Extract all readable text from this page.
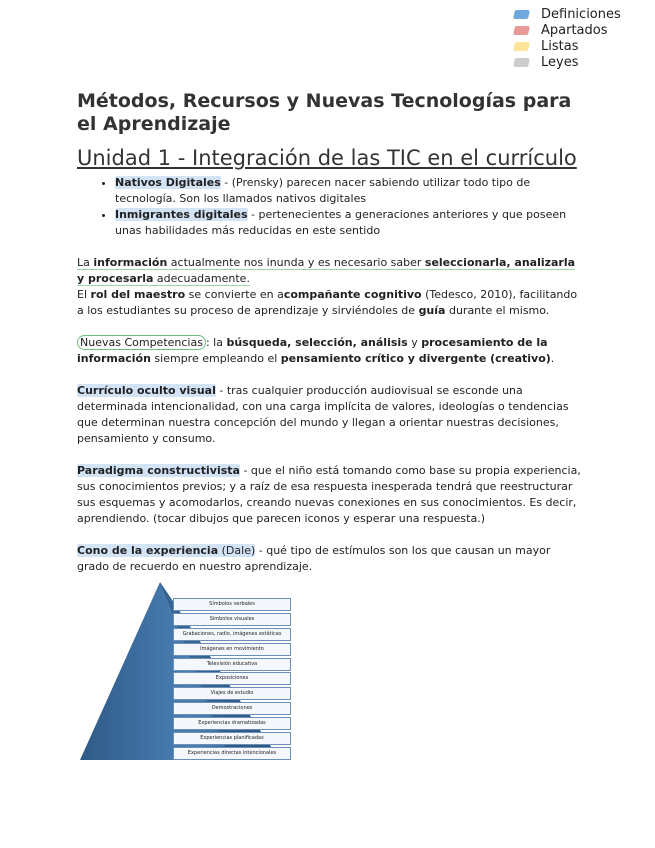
Definiciones
Apartados
Listas
Leyes
Métodos, Recursos y Nuevas Tecnologías para el Aprendizaje
Unidad 1 - Integración de las TIC en el currículo
• Nativos Digitales - (Prensky) parecen nacer sabiendo utilizar todo tipo de tecnología. Son los llamados nativos digitales
• Inmigrantes digitales - pertenecientes a generaciones anteriores y que poseen unas habilidades más reducidas en este sentido

La información actualmente nos inunda y es necesario saber seleccionarla, analizarla y procesarla adecuadamente.

El rol del maestro se convierte en acompañante cognitivo (Tedesco, 2010), facilitando a los estudiantes su proceso de aprendizaje y sirviéndoles de guía durante el mismo.

Nuevas Competencias : la búsqueda, selección, análisis y procesamiento de la información siempre empleando el pensamiento crítico y divergente (creativo).

Currículo oculto visual - tras cualquier producción audiovisual se esconde una determinada intencionalidad, con una carga implícita de valores, ideologías o tendencias que determinan nuestra concepción del mundo y llegan a orientar nuestras decisiones, pensamiento y consumo.

Paradigma constructivista - que el niño está tomando como base su propia experiencia, sus conocimientos previos; y a raíz de esa respuesta inesperada tendrá que reestructurar sus esquemas y acomodarlos, creando nuevas conexiones en sus conocimientos. Es decir, aprendiendo. (tocar dibujos que parecen iconos y esperar una respuesta.)

Cono de la experiencia (Dale) - qué tipo de estímulos son los que causan un mayor grado de recuerdo en nuestro aprendizaje.

Símbolos verbales
Símbolos visuales
Grabaciones, radio, imágenes estáticas
Imágenes en movimiento
Televisión educativa
Exposiciones
Viajes de estudio
Demostraciones
Experiencias dramatizadas
Experiencias planificadas
Experiencias directas intencionales
